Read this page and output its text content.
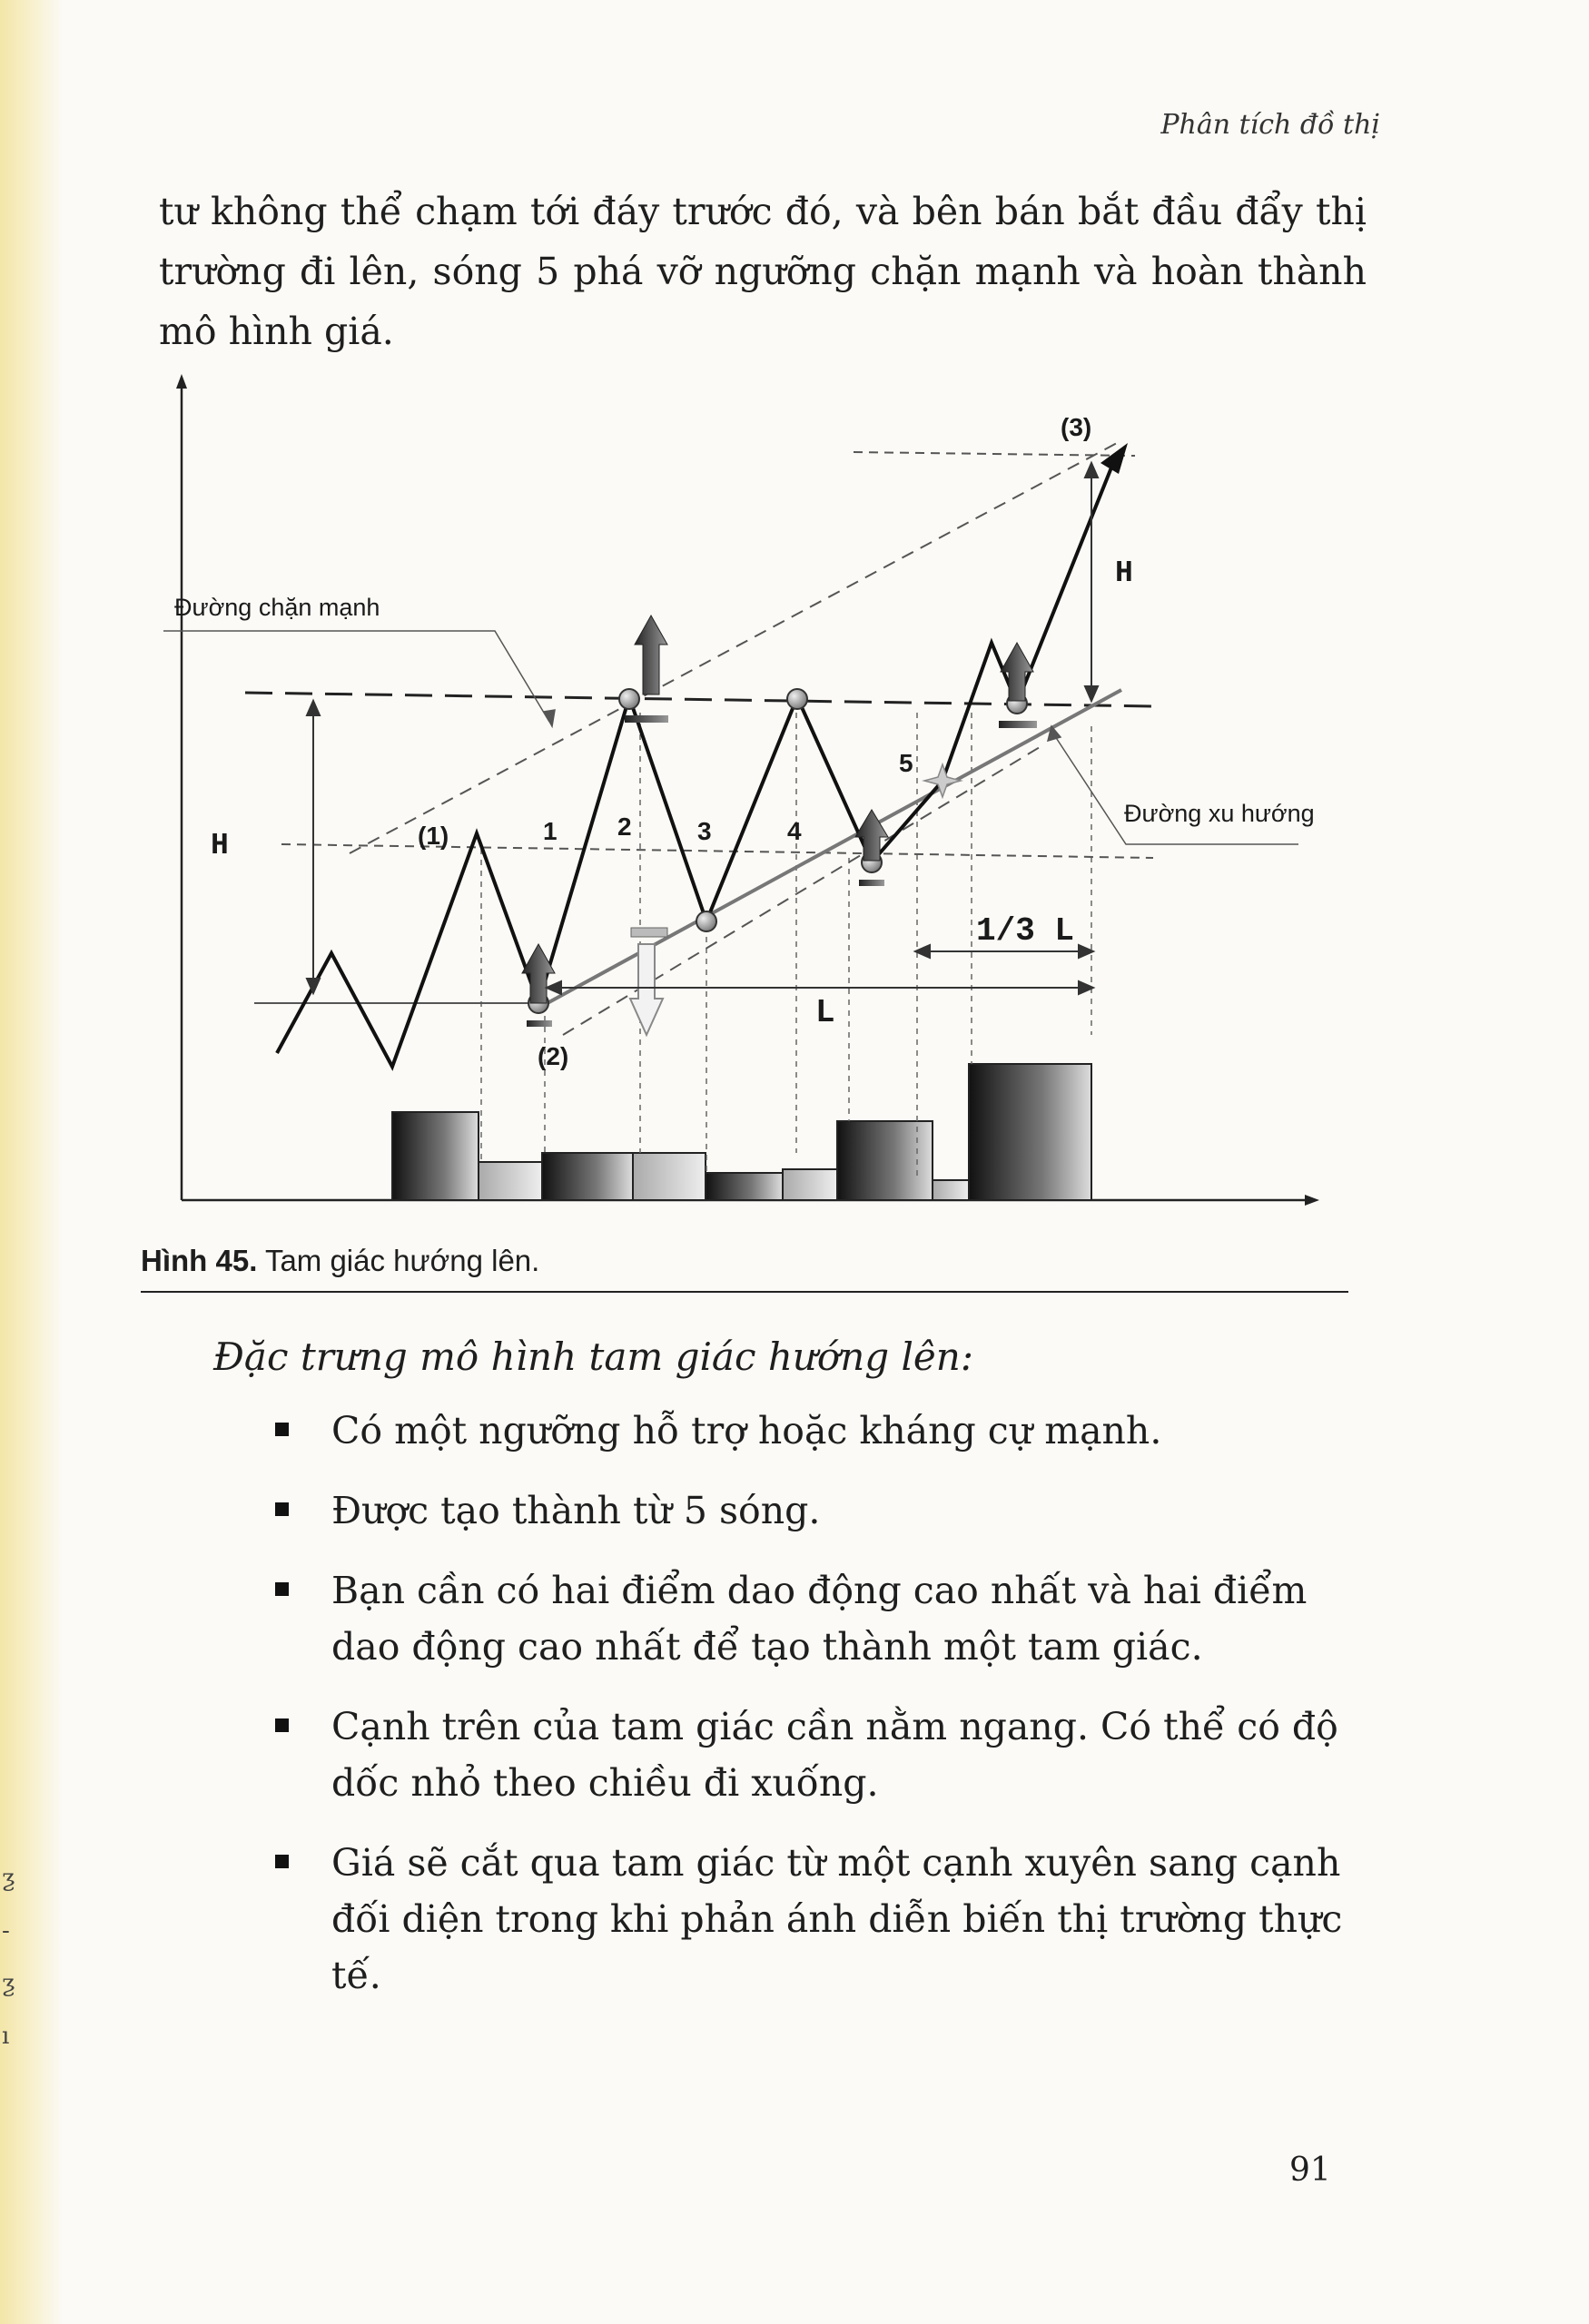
Phân tích đồ thị

tư không thể chạm tới đáy trước đó, và bên bán bắt đầu đẩy thị trường đi lên, sóng 5 phá vỡ ngưỡng chặn mạnh và hoàn thành mô hình giá.

Đường chặn mạnh
Đường xu hướng
H
H
(1)
(2)
(3)
1 2	3	4
5
L
1/3 L
Hình 45. Tam giác hướng lên.

Đặc trưng mô hình tam giác hướng lên:

Có một ngưỡng hỗ trợ hoặc kháng cự mạnh.
Được tạo thành từ 5 sóng.
Bạn cần có hai điểm dao động cao nhất và hai điểm dao động cao nhất để tạo thành một tam giác.
Cạnh trên của tam giác cần nằm ngang. Có thể có độ dốc nhỏ theo chiều đi xuống.
Giá sẽ cắt qua tam giác từ một cạnh xuyên sang cạnh đối diện trong khi phản ánh diễn biến thị trường thực tế.
ƺ
-
ƺ
ı
91
